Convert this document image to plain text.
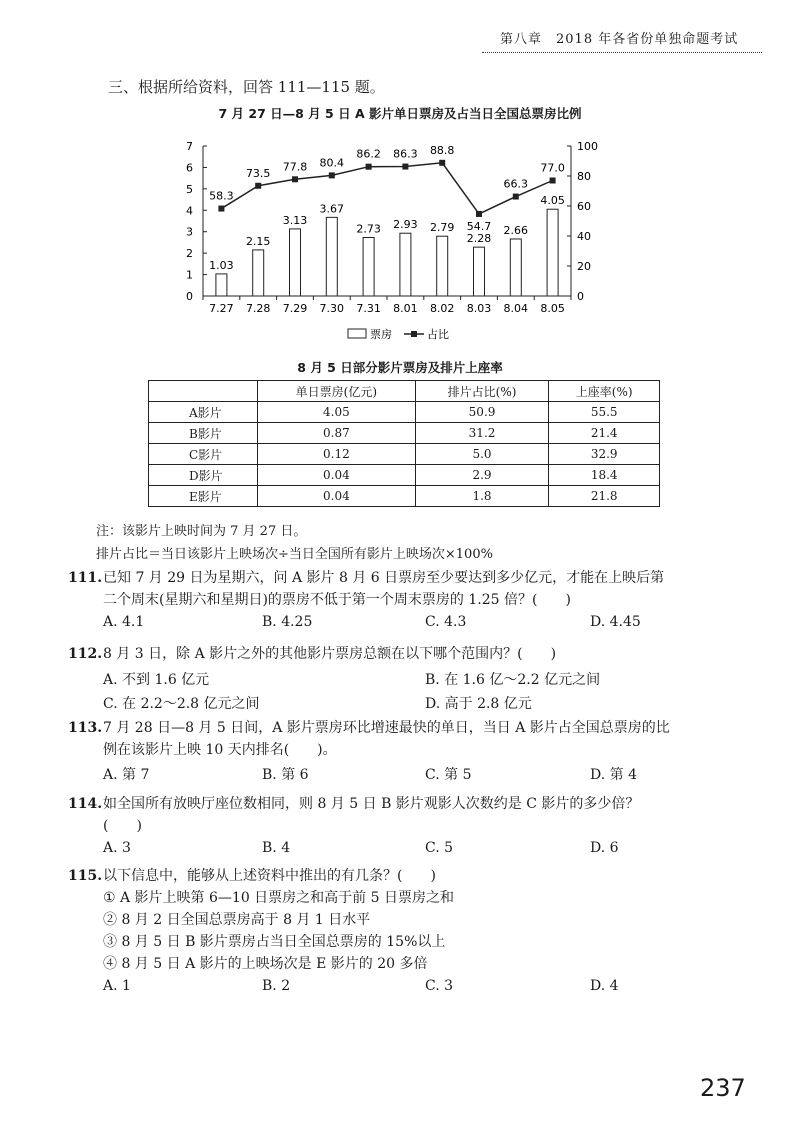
第八章　2018 年各省份单独命题考试
三、根据所给资料，回答 111—115 题。
7 月 27 日—8 月 5 日 A 影片单日票房及占当日全国总票房比例
0
1
2
3
4
5
6
7
0
20
40
60
80
100
7.27 7.28 7.29 7.30 7.31 8.01 8.02 8.03 8.04 8.05
1.03
2.15
3.13
3.67
2.73 2.93 2.79
2.28
2.66
4.05
58.3
73.5 77.8 80.4
86.2 86.3 88.8
54.7
66.3
77.0
票房	占比
8 月 5 日部分影片票房及排片上座率
	单日票房(亿元)	排片占比(%)	上座率(%)
A影片	4.05	50.9	55.5
B影片	0.87	31.2	21.4
C影片	0.12	5.0	32.9
D影片	0.04	2.9	18.4
E影片	0.04	1.8	21.8
注：该影片上映时间为 7 月 27 日。
排片占比＝当日该影片上映场次÷当日全国所有影片上映场次×100%
111. 已知 7 月 29 日为星期六，问 A 影片 8 月 6 日票房至少要达到多少亿元，才能在上映后第
二个周末(星期六和星期日)的票房不低于第一个周末票房的 1.25 倍？(　　)
A. 4.1	B. 4.25	C. 4.3	D. 4.45
112. 8 月 3 日，除 A 影片之外的其他影片票房总额在以下哪个范围内？(　　)
A. 不到 1.6 亿元	B. 在 1.6 亿～2.2 亿元之间
C. 在 2.2～2.8 亿元之间	D. 高于 2.8 亿元
113. 7 月 28 日—8 月 5 日间，A 影片票房环比增速最快的单日，当日 A 影片占全国总票房的比
例在该影片上映 10 天内排名(　　)。
A. 第 7	B. 第 6	C. 第 5	D. 第 4
114. 如全国所有放映厅座位数相同，则 8 月 5 日 B 影片观影人次数约是 C 影片的多少倍？
(　　)
A. 3	B. 4	C. 5	D. 6
115. 以下信息中，能够从上述资料中推出的有几条？(　　)
① A 影片上映第 6—10 日票房之和高于前 5 日票房之和
② 8 月 2 日全国总票房高于 8 月 1 日水平
③ 8 月 5 日 B 影片票房占当日全国总票房的 15%以上
④ 8 月 5 日 A 影片的上映场次是 E 影片的 20 多倍
A. 1	B. 2	C. 3	D. 4
237
